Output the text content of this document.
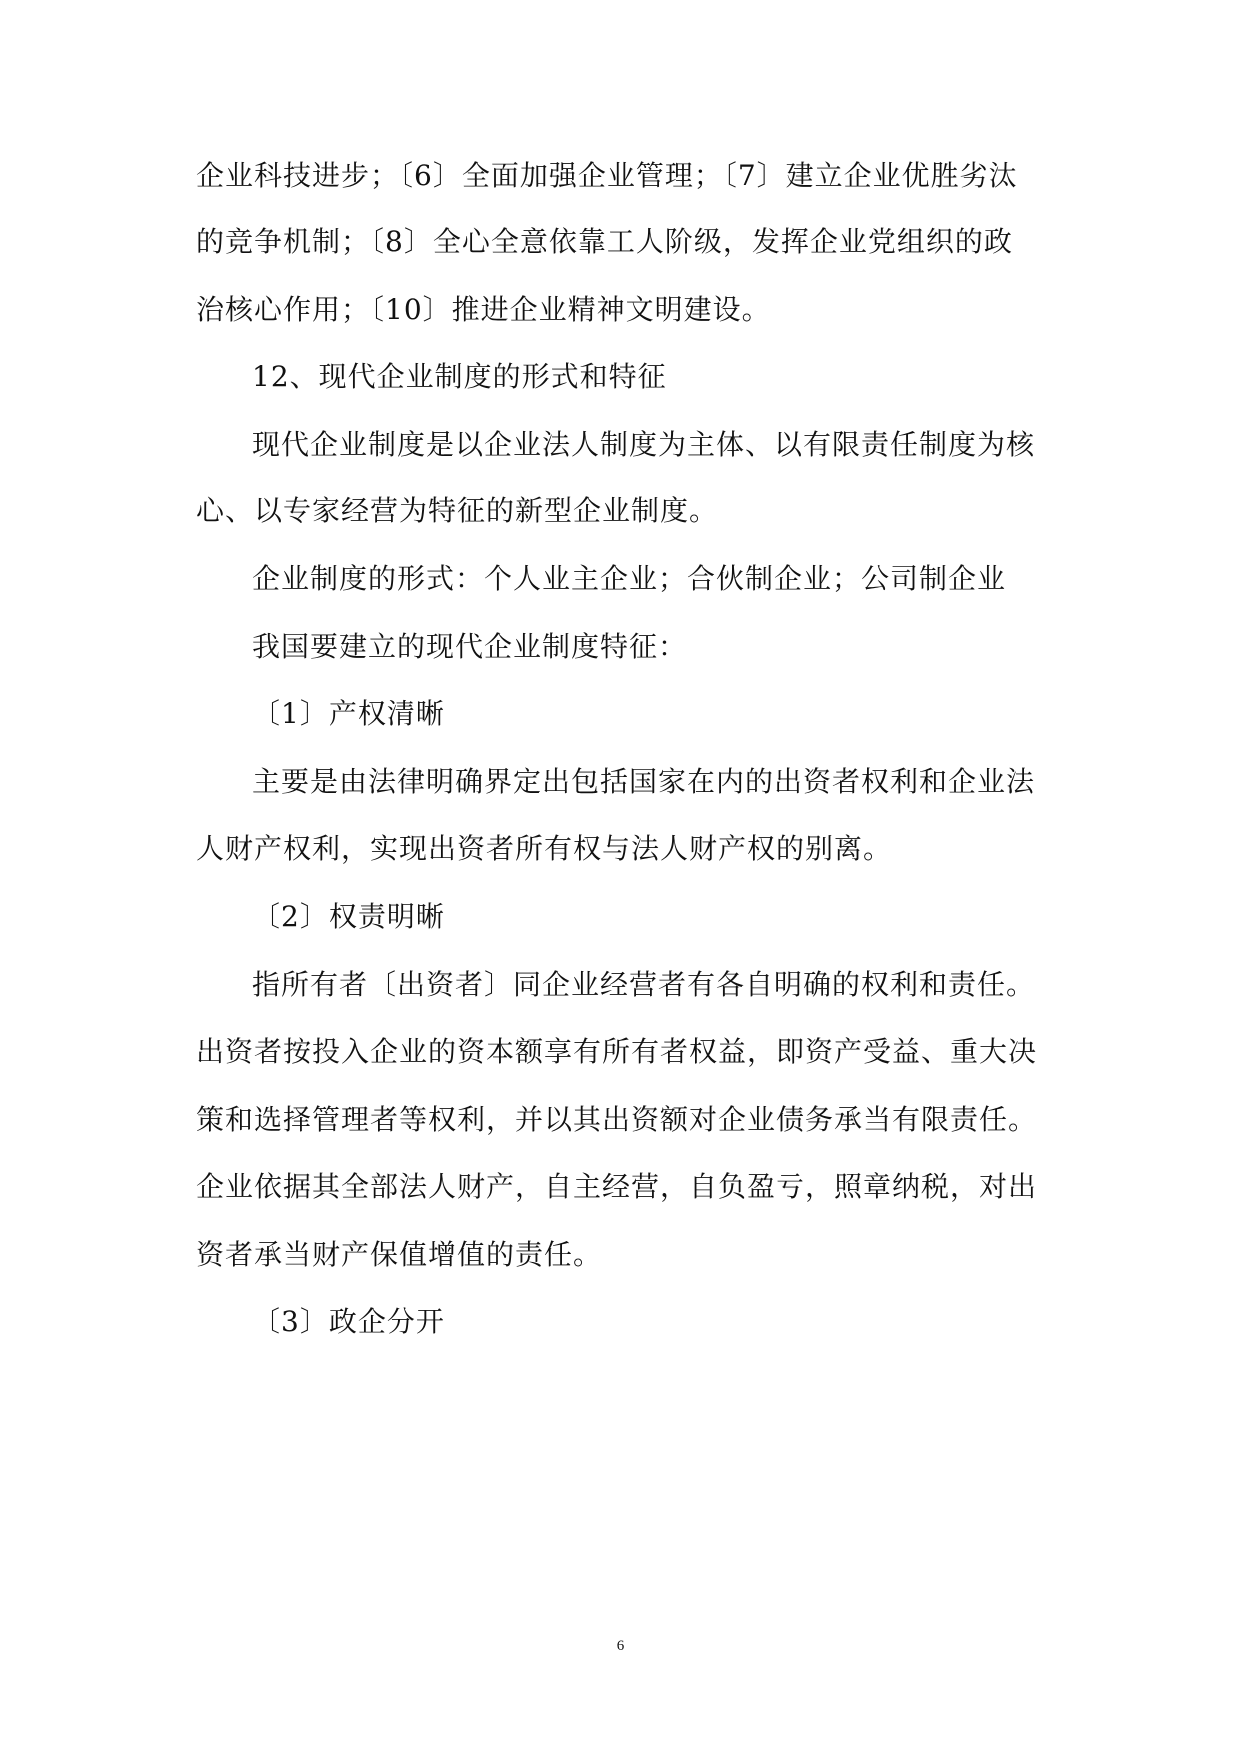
企业科技进步；〔6〕全面加强企业管理；〔7〕建立企业优胜劣汰
的竞争机制；〔8〕全心全意依靠工人阶级，发挥企业党组织的政
治核心作用；〔10〕推进企业精神文明建设。
12、现代企业制度的形式和特征
现代企业制度是以企业法人制度为主体、以有限责任制度为核
心、以专家经营为特征的新型企业制度。
企业制度的形式：个人业主企业；合伙制企业；公司制企业
我国要建立的现代企业制度特征：
〔1〕产权清晰
主要是由法律明确界定出包括国家在内的出资者权利和企业法
人财产权利，实现出资者所有权与法人财产权的别离。
〔2〕权责明晰
指所有者〔出资者〕同企业经营者有各自明确的权利和责任。
出资者按投入企业的资本额享有所有者权益，即资产受益、重大决
策和选择管理者等权利，并以其出资额对企业债务承当有限责任。
企业依据其全部法人财产，自主经营，自负盈亏，照章纳税，对出
资者承当财产保值增值的责任。
〔3〕政企分开
6
